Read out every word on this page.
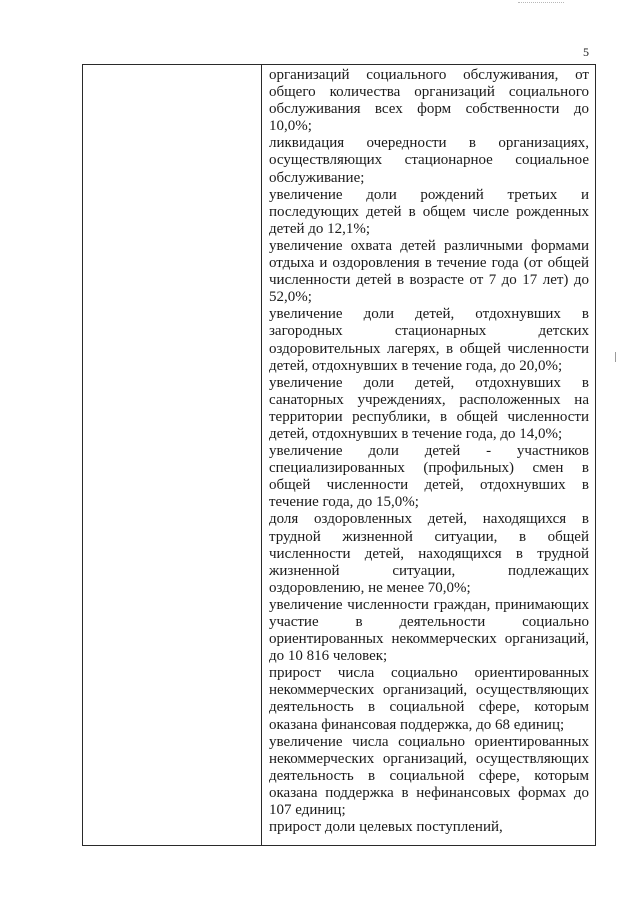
5

организаций социального обслуживания, от общего количества организаций социального обслуживания всех форм собственности до 10,0%;

ликвидация очередности в организациях, осуществляющих стационарное социальное обслуживание;

увеличение доли рождений третьих и последующих детей в общем числе рожденных детей до 12,1%;

увеличение охвата детей различными формами отдыха и оздоровления в течение года (от общей численности детей в возрасте от 7 до 17 лет) до 52,0%;

увеличение доли детей, отдохнувших в загородных стационарных детских оздоровительных лагерях, в общей численности детей, отдохнувших в течение года, до 20,0%;

увеличение доли детей, отдохнувших в санаторных учреждениях, расположенных на территории республики, в общей численности детей, отдохнувших в течение года, до 14,0%;

увеличение доли детей - участников специализированных (профильных) смен в общей численности детей, отдохнувших в течение года, до 15,0%;

доля оздоровленных детей, находящихся в трудной жизненной ситуации, в общей численности детей, находящихся в трудной жизненной ситуации, подлежащих оздоровлению, не менее 70,0%;

увеличение численности граждан, принимающих участие в деятельности социально ориентированных некоммерческих организаций, до 10 816 человек;

прирост числа социально ориентированных некоммерческих организаций, осуществляющих деятельность в социальной сфере, которым оказана финансовая поддержка, до 68 единиц;

увеличение числа социально ориентированных некоммерческих организаций, осуществляющих деятельность в социальной сфере, которым оказана поддержка в нефинансовых формах до 107 единиц;

прирост доли целевых поступлений,
